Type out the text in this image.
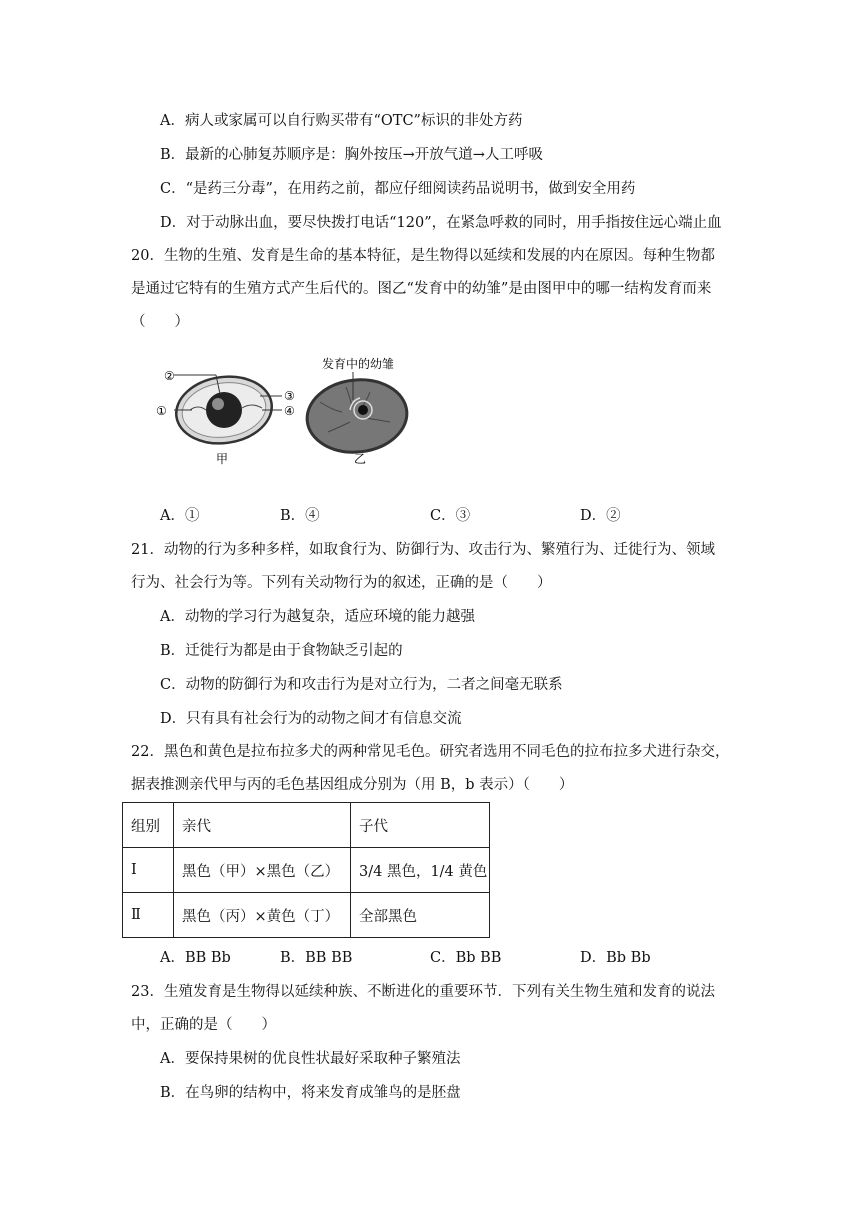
A．病人或家属可以自行购买带有“OTC”标识的非处方药
B．最新的心肺复苏顺序是：胸外按压→开放气道→人工呼吸
C．“是药三分毒”，在用药之前，都应仔细阅读药品说明书，做到安全用药
D．对于动脉出血，要尽快拨打电话“120”，在紧急呼救的同时，用手指按住远心端止血
20．生物的生殖、发育是生命的基本特征，是生物得以延续和发展的内在原因。每种生物都
是通过它特有的生殖方式产生后代的。图乙“发育中的幼雏”是由图甲中的哪一结构发育而来
（　　）
②
①
③
④
甲
发育中的幼雏
乙
A．①	B．④	C．③	D．②
21．动物的行为多种多样，如取食行为、防御行为、攻击行为、繁殖行为、迁徙行为、领域
行为、社会行为等。下列有关动物行为的叙述，正确的是（　　）
A．动物的学习行为越复杂，适应环境的能力越强
B．迁徙行为都是由于食物缺乏引起的
C．动物的防御行为和攻击行为是对立行为，二者之间毫无联系
D．只有具有社会行为的动物之间才有信息交流
22．黑色和黄色是拉布拉多犬的两种常见毛色。研究者选用不同毛色的拉布拉多犬进行杂交，
据表推测亲代甲与丙的毛色基因组成分别为（用 B，b 表示）（　　）
组别	亲代	子代
Ⅰ	黑色（甲）×黑色（乙）	3/4 黑色，1/4 黄色
Ⅱ	黑色（丙）×黄色（丁）	全部黑色
A．BB Bb	B．BB BB	C．Bb BB	D．Bb Bb
23．生殖发育是生物得以延续种族、不断进化的重要环节．下列有关生物生殖和发育的说法
中，正确的是（　　）
A．要保持果树的优良性状最好采取种子繁殖法
B．在鸟卵的结构中，将来发育成雏鸟的是胚盘
